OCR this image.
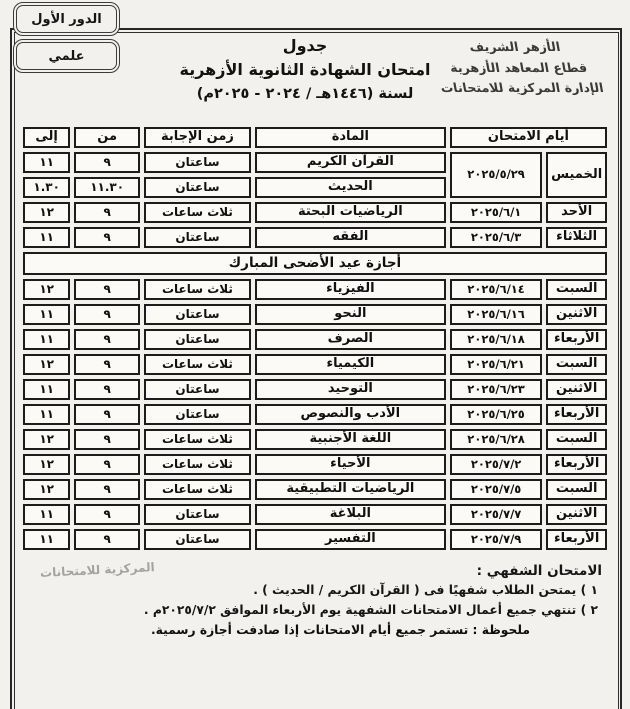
الدور الأول
علمي
الأزهر الشريف
قطاع المعاهد الأزهرية
الإدارة المركزية للامتحانات
جدول
امتحان الشهادة الثانوية الأزهرية
لسنة (١٤٤٦هـ / ٢٠٢٤ - ٢٠٢٥م)
أيام الامتحان		المادة	زمن الإجابة	من	إلى
الخميس	٢٠٢٥/٥/٢٩	القرآن الكريم	ساعتان	٩	١١
		الحديث	ساعتان	١١.٣٠	١.٣٠
الأحد	٢٠٢٥/٦/١	الرياضيات البحتة	ثلاث ساعات	٩	١٢
الثلاثاء	٢٠٢٥/٦/٣	الفقه	ساعتان	٩	١١
أجازة عيد الأضحى المبارك					
السبت	٢٠٢٥/٦/١٤	الفيزياء	ثلاث ساعات	٩	١٢
الاثنين	٢٠٢٥/٦/١٦	النحو	ساعتان	٩	١١
الأربعاء	٢٠٢٥/٦/١٨	الصرف	ساعتان	٩	١١
السبت	٢٠٢٥/٦/٢١	الكيمياء	ثلاث ساعات	٩	١٢
الاثنين	٢٠٢٥/٦/٢٣	التوحيد	ساعتان	٩	١١
الأربعاء	٢٠٢٥/٦/٢٥	الأدب والنصوص	ساعتان	٩	١١
السبت	٢٠٢٥/٦/٢٨	اللغة الأجنبية	ثلاث ساعات	٩	١٢
الأربعاء	٢٠٢٥/٧/٢	الأحياء	ثلاث ساعات	٩	١٢
السبت	٢٠٢٥/٧/٥	الرياضيات التطبيقية	ثلاث ساعات	٩	١٢
الاثنين	٢٠٢٥/٧/٧	البلاغة	ساعتان	٩	١١
الأربعاء	٢٠٢٥/٧/٩	التفسير	ساعتان	٩	١١
المركزية للامتحانات	الامتحان الشفهي :
١ ) يمتحن الطلاب شفهيًا فى ( القرآن الكريم / الحديث ) .
٢ ) تنتهي جميع أعمال الامتحانات الشفهية يوم الأربعاء الموافق ٢٠٢٥/٧/٢م .
ملحوظة : تستمر جميع أيام الامتحانات إذا صادفت أجازة رسمية.
